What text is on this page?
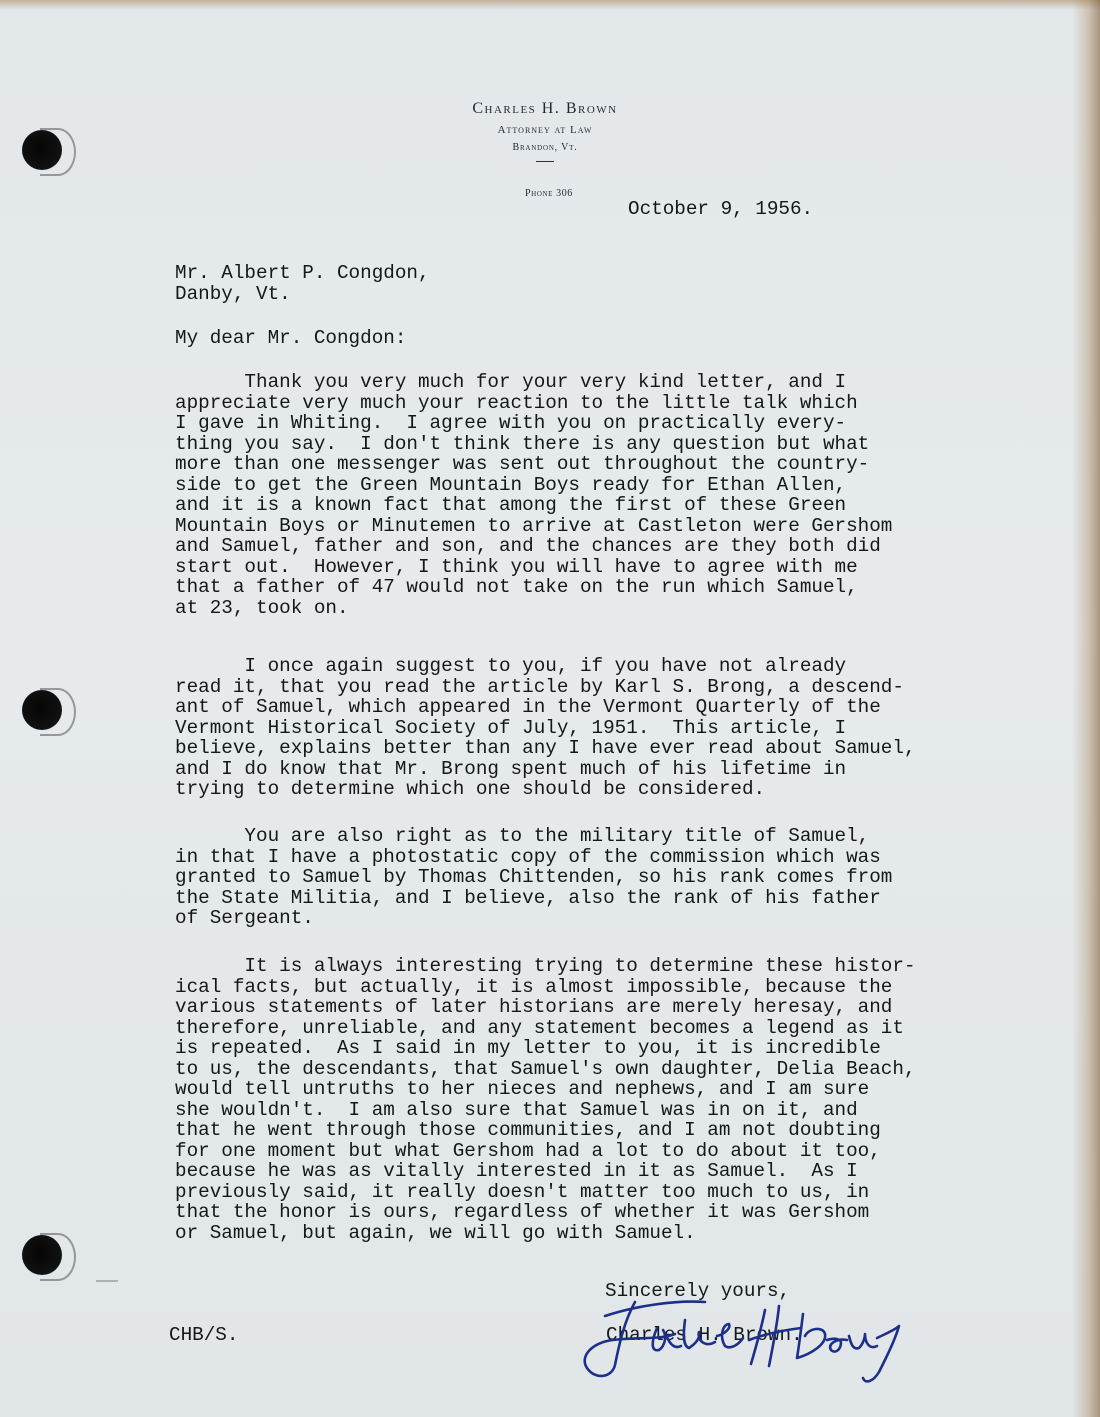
Charles H. Brown
Attorney at Law
Brandon, Vt.
Phone 306
October 9, 1956.
Mr. Albert P. Congdon,
Danby, Vt.
My dear Mr. Congdon:
Thank you very much for your very kind letter, and I
appreciate very much your reaction to the little talk which
I gave in Whiting.  I agree with you on practically every-
thing you say.  I don't think there is any question but what
more than one messenger was sent out throughout the country-
side to get the Green Mountain Boys ready for Ethan Allen,
and it is a known fact that among the first of these Green
Mountain Boys or Minutemen to arrive at Castleton were Gershom
and Samuel, father and son, and the chances are they both did
start out.  However, I think you will have to agree with me
that a father of 47 would not take on the run which Samuel,
at 23, took on.
I once again suggest to you, if you have not already
read it, that you read the article by Karl S. Brong, a descend-
ant of Samuel, which appeared in the Vermont Quarterly of the
Vermont Historical Society of July, 1951.  This article, I
believe, explains better than any I have ever read about Samuel,
and I do know that Mr. Brong spent much of his lifetime in
trying to determine which one should be considered.
You are also right as to the military title of Samuel,
in that I have a photostatic copy of the commission which was
granted to Samuel by Thomas Chittenden, so his rank comes from
the State Militia, and I believe, also the rank of his father
of Sergeant.
It is always interesting trying to determine these histor-
ical facts, but actually, it is almost impossible, because the
various statements of later historians are merely heresay, and
therefore, unreliable, and any statement becomes a legend as it
is repeated.  As I said in my letter to you, it is incredible
to us, the descendants, that Samuel's own daughter, Delia Beach,
would tell untruths to her nieces and nephews, and I am sure
she wouldn't.  I am also sure that Samuel was in on it, and
that he went through those communities, and I am not doubting
for one moment but what Gershom had a lot to do about it too,
because he was as vitally interested in it as Samuel.  As I
previously said, it really doesn't matter too much to us, in
that the honor is ours, regardless of whether it was Gershom
or Samuel, but again, we will go with Samuel.
Sincerely yours,
Charles H. Brown.
CHB/S.
